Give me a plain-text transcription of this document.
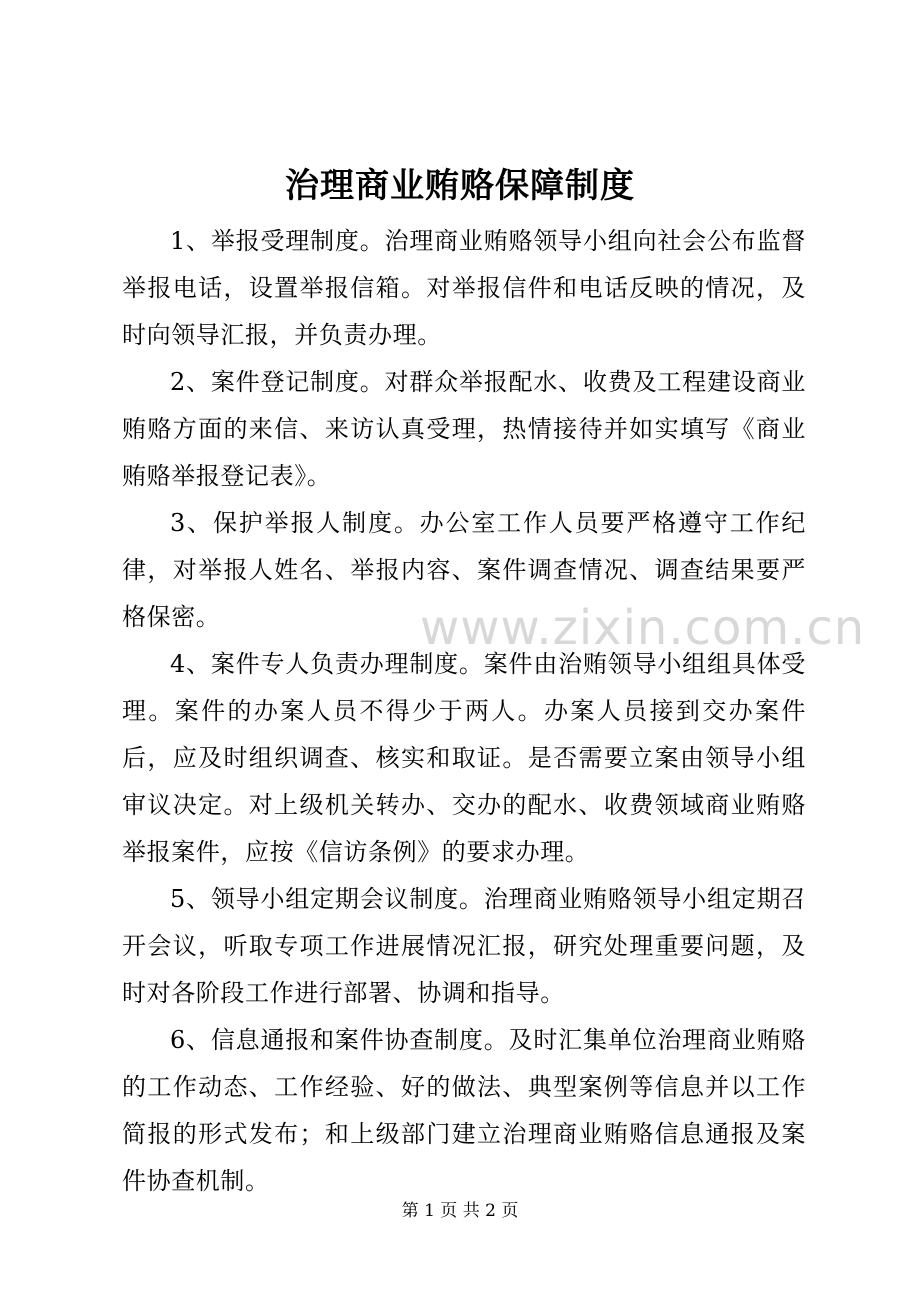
www.zixin.com.cn
治理商业贿赂保障制度

1、举报受理制度。治理商业贿赂领导小组向社会公布监督举报电话，设置举报信箱。对举报信件和电话反映的情况，及时向领导汇报，并负责办理。

2、案件登记制度。对群众举报配水、收费及工程建设商业贿赂方面的来信、来访认真受理，热情接待并如实填写《商业贿赂举报登记表》。

3、保护举报人制度。办公室工作人员要严格遵守工作纪律，对举报人姓名、举报内容、案件调查情况、调查结果要严格保密。

4、案件专人负责办理制度。案件由治贿领导小组组具体受理。案件的办案人员不得少于两人。办案人员接到交办案件后，应及时组织调查、核实和取证。是否需要立案由领导小组审议决定。对上级机关转办、交办的配水、收费领域商业贿赂举报案件，应按《信访条例》的要求办理。

5、领导小组定期会议制度。治理商业贿赂领导小组定期召开会议，听取专项工作进展情况汇报，研究处理重要问题，及时对各阶段工作进行部署、协调和指导。

6、信息通报和案件协查制度。及时汇集单位治理商业贿赂的工作动态、工作经验、好的做法、典型案例等信息并以工作简报的形式发布；和上级部门建立治理商业贿赂信息通报及案件协查机制。

第 1 页 共 2 页
